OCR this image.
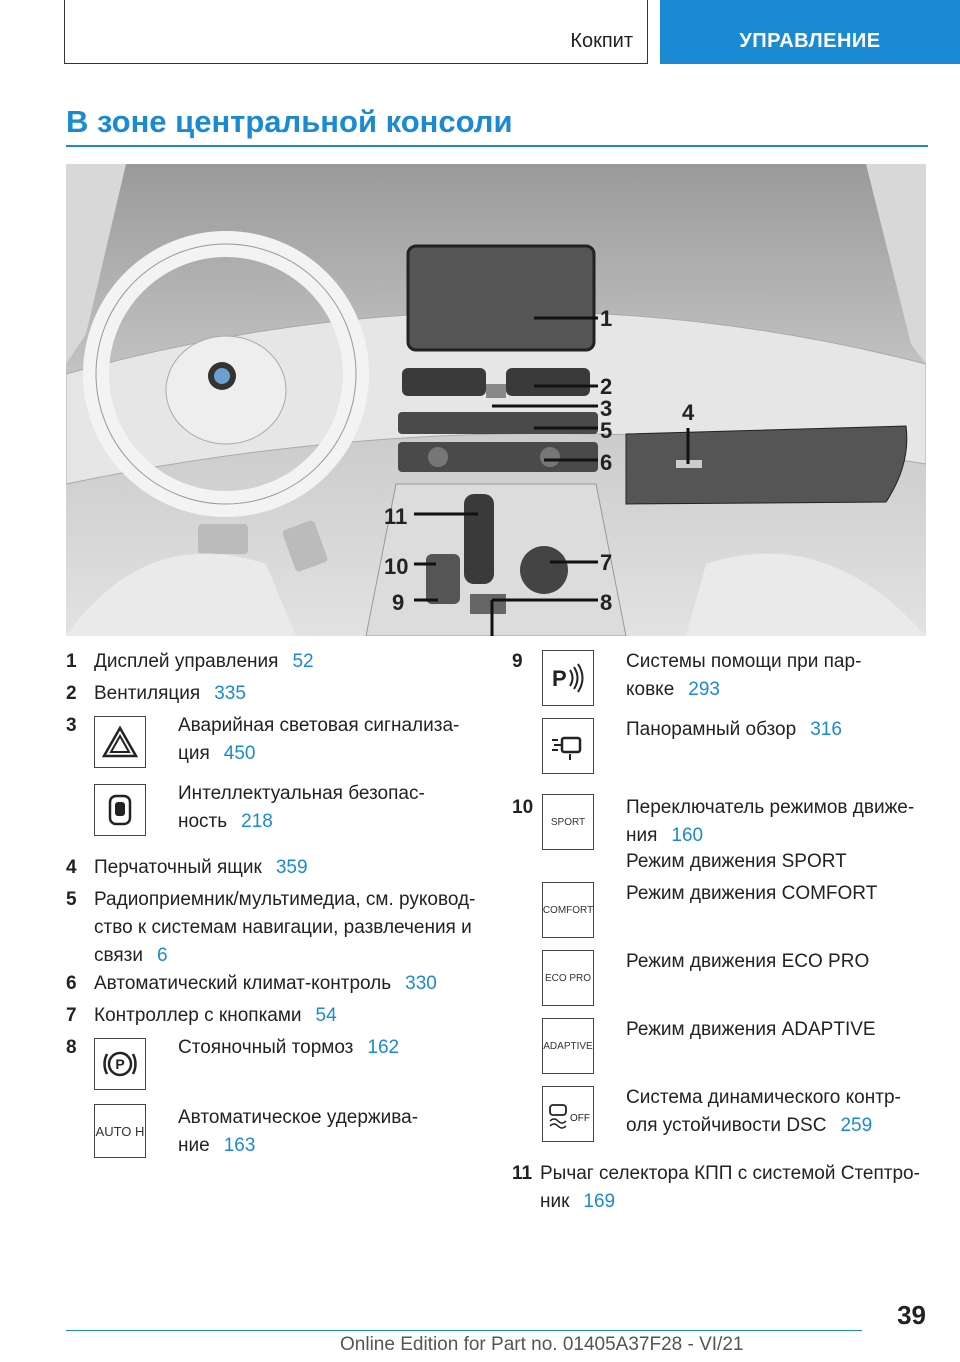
Кокпит	УПРАВЛЕНИЕ
В зоне центральной консоли
1
2
3
5
6
4
11
10
9
7
8
1 Дисплей управления 52
2 Вентиляция 335
3	Аварийная световая сигнализа-
ция 450
Интеллектуальная безопас-
ность 218
4 Перчаточный ящик 359
5 Радиоприемник/мультимедиа, см. руковод-
ство к системам навигации, развлечения и
связи 6
6 Автоматический климат-контроль 330
7 Контроллер с кнопками 54
8
P
Стояночный тормоз 162
AUTO H
Автоматическое удержива-
ние 163
9
P
Системы помощи при пар-
ковке 293
Панорамный обзор 316
10
SPORT
Переключатель режимов движе-
ния 160
Режим движения SPORT
COMFORT
Режим движения COMFORT
ECO PRO
Режим движения ECO PRO
ADAPTIVE
Режим движения ADAPTIVE
OFF
Система динамического контр-
оля устойчивости DSC 259
11 Рычаг селектора КПП с системой Стептро-
ник 169
39
Online Edition for Part no. 01405A37F28 - VI/21
